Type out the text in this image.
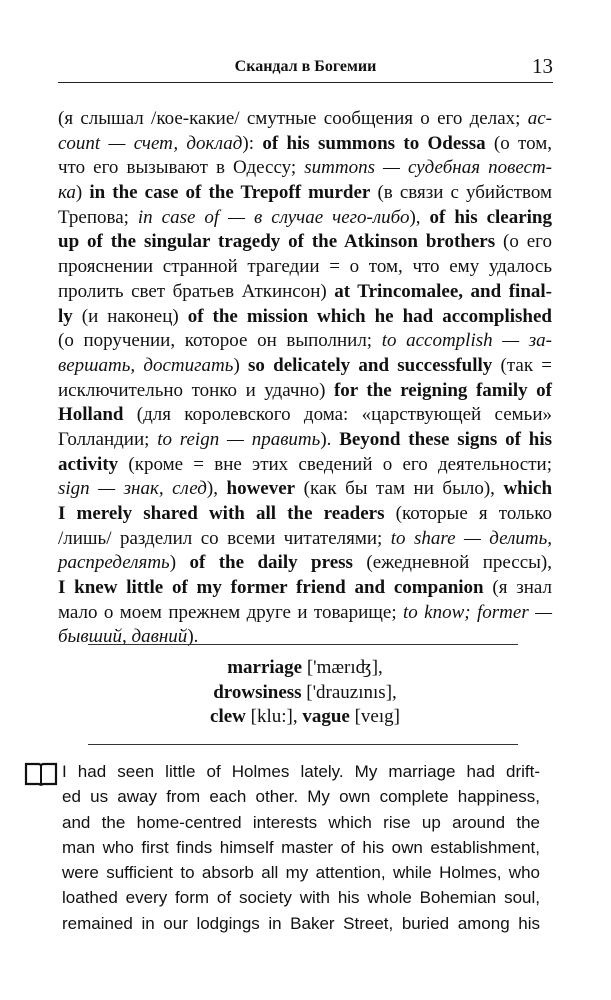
Скандал в Богемии	13
(я слышал /кое-какие/ смутные сообщения о его делах; ac-
count — счет, доклад): of his summons to Odessa (о том,
что его вызывают в Одессу; summons — судебная повест-
ка) in the case of the Trepoff murder (в связи с убийством
Трепова; in case of — в случае чего-либо), of his clearing
up of the singular tragedy of the Atkinson brothers (о его
прояснении странной трагедии = о том, что ему удалось
пролить свет братьев Аткинсон) at Trincomalee, and final-
ly (и наконец) of the mission which he had accomplished
(о поручении, которое он выполнил; to accomplish — за-
вершать, достигать) so delicately and successfully (так =
исключительно тонко и удачно) for the reigning family of
Holland (для королевского дома: «царствующей семьи»
Голландии; to reign — править). Beyond these signs of his
activity (кроме = вне этих сведений о его деятельности;
sign — знак, след), however (как бы там ни было), which
I merely shared with all the readers (которые я только
/лишь/ разделил со всеми читателями; to share — делить,
распределять) of the daily press (ежедневной прессы),
I knew little of my former friend and companion (я знал
мало о моем прежнем друге и товарище; to know; former —
бывший, давний).
marriage ['mærıʤ],
drowsiness ['drauzınıs],
clew [klu:], vague [veıg]
I had seen little of Holmes lately. My marriage had drift-
ed us away from each other. My own complete happiness,
and the home-centred interests which rise up around the
man who first finds himself master of his own establishment,
were sufficient to absorb all my attention, while Holmes, who
loathed every form of society with his whole Bohemian soul,
remained in our lodgings in Baker Street, buried among his
